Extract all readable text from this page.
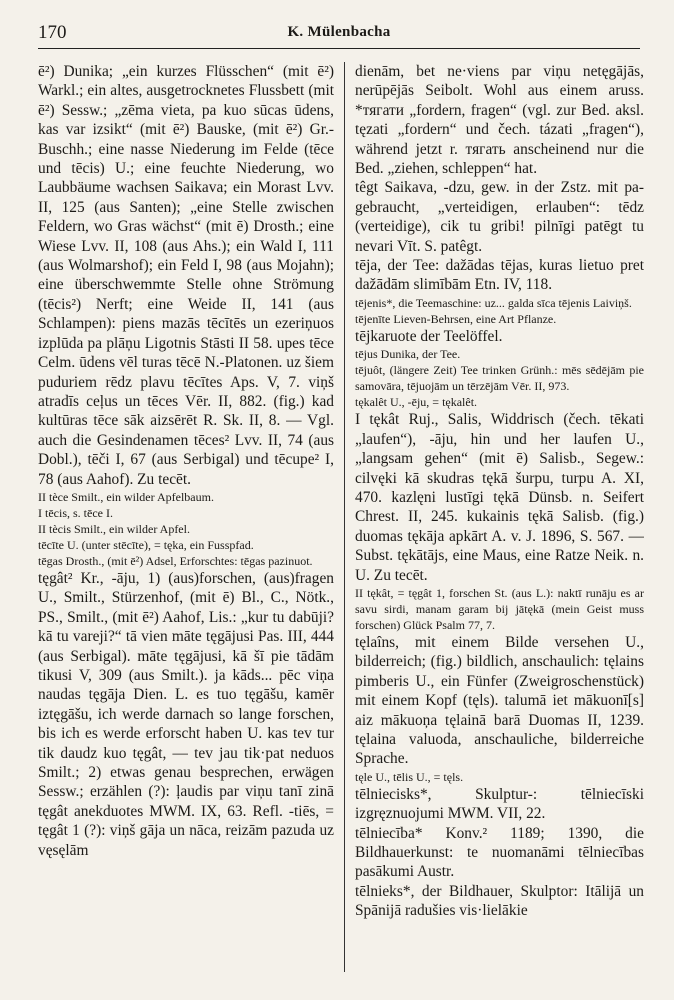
170	K. Mülenbacha

ē²) Dunika; „ein kurzes Flüsschen“ (mit ē²) Warkl.; ein altes, ausgetrocknetes Flussbett (mit ē²) Sessw.; „zēma vieta, pa kuo sūcas ūdens, kas var izsikt“ (mit ē²) Bauske, (mit ē²) Gr.-Buschh.; eine nasse Niederung im Felde (tēce und tēcis) U.; eine feuchte Niederung, wo Laubbäume wachsen Saikava; ein Morast Lvv. II, 125 (aus Santen); „eine Stelle zwischen Feldern, wo Gras wächst“ (mit ē) Drosth.; eine Wiese Lvv. II, 108 (aus Ahs.); ein Wald I, 111 (aus Wolmarshof); ein Feld I, 98 (aus Mojahn); eine überschwemmte Stelle ohne Strömung (tēcis²) Nerft; eine Weide II, 141 (aus Schlampen): piens mazās tēcītēs un ezeriņuos izplūda pa plāņu Ligotnis Stāsti II 58. upes tēce Celm. ūdens vēl turas tēcē N.-Platonen. uz šiem puduriem rēdz plavu tēcītes Aps. V, 7. viņš atradīs ceļus un tēces Vēr. II, 882. (fig.) kad kultūras tēce sāk aizsērēt R. Sk. II, 8. — Vgl. auch die Gesindenamen tēces² Lvv. II, 74 (aus Dobl.), tēči I, 67 (aus Serbigal) und tēcupe² I, 78 (aus Aahof). Zu tecēt.

II tèce Smilt., ein wilder Apfelbaum.

I tēcis, s. tēce I.

II tècis Smilt., ein wilder Apfel.

tēcīte U. (unter stēcīte), = tęka, ein Fusspfad.

tēgas Drosth., (mit ē²) Adsel, Erforschtes: tēgas pazinuot.

tęgât² Kr., -āju, 1) (aus)forschen, (aus)fragen U., Smilt., Stürzenhof, (mit ē) Bl., C., Nötk., PS., Smilt., (mit ē²) Aahof, Lis.: „kur tu dabūji? kā tu vareji?“ tā vien māte tęgājusi Pas. III, 444 (aus Serbigal). māte tęgājusi, kā šī pie tādām tikusi V, 309 (aus Smilt.). ja kāds... pēc viņa naudas tęgāja Dien. L. es tuo tęgāšu, kamēr iztęgāšu, ich werde darnach so lange forschen, bis ich es werde erforscht haben U. kas tev tur tik daudz kuo tęgât, — tev jau tik·pat neduos Smilt.; 2) etwas genau besprechen, erwägen Sessw.; erzählen (?): ļaudis par viņu tanī zinā tęgât anekduotes MWM. IX, 63. Refl. -tiēs, = tęgât 1 (?): viņš gāja un nāca, reizām pazuda uz vęsęlām

dienām, bet ne·viens par viņu netęgājās, nerūpējās Seibolt. Wohl aus einem aruss. *тягати „fordern, fragen“ (vgl. zur Bed. aksl. tęzati „fordern“ und čech. tázati „fragen“), während jetzt r. тягать anscheinend nur die Bed. „ziehen, schleppen“ hat.

têgt Saikava, -dzu, gew. in der Zstz. mit pa- gebraucht, „verteidigen, erlauben“: tēdz (verteidige), cik tu gribi! pilnīgi patēgt tu nevari Vīt. S. patêgt.

tēja, der Tee: dažādas tējas, kuras lietuo pret dažādām slimībām Etn. IV, 118.

tējenis*, die Teemaschine: uz... galda sīca tējenis Laiviņš.

tējenīte Lieven-Behrsen, eine Art Pflanze.

tējkaruote der Teelöffel.

tējus Dunika, der Tee.

tējuôt, (längere Zeit) Tee trinken Grünh.: mēs sēdējām pie samovāra, tējuojām un tērzējām Vēr. II, 973.

tękalêt U., -ēju, = tękalêt.

I tękât Ruj., Salis, Widdrisch (čech. tēkati „laufen“), -āju, hin und her laufen U., „langsam gehen“ (mit ē) Salisb., Segew.: cilvęki kā skudras tękā šurpu, turpu A. XI, 470. kazlęni lustīgi tękā Dünsb. n. Seifert Chrest. II, 245. kukainis tękā Salisb. (fig.) duomas tękāja apkārt A. v. J. 1896, S. 567. — Subst. tękātājs, eine Maus, eine Ratze Neik. n. U. Zu tecēt.

II tękât, = tęgât 1, forschen St. (aus L.): naktī runāju es ar savu sirdi, manam garam bij jātękā (mein Geist muss forschen) Glück Psalm 77, 7.

tęlaîns, mit einem Bilde versehen U., bilderreich; (fig.) bildlich, anschaulich: tęlains pimberis U., ein Fünfer (Zweigroschenstück) mit einem Kopf (tęls). talumā iet mākuonī[s] aiz mākuoņa tęlainā barā Duomas II, 1239. tęlaina valuoda, anschauliche, bilderreiche Sprache.

tęle U., tēlis U., = tęls.

tēlniecisks*, Skulptur-: tēlniecīski izgręznuojumi MWM. VII, 22.

tēlniecība* Konv.² 1189; 1390, die Bildhauerkunst: te nuomanāmi tēlniecības pasākumi Austr.

tēlnieks*, der Bildhauer, Skulptor: Itālijā un Spānijā radušies vis·lielākie
